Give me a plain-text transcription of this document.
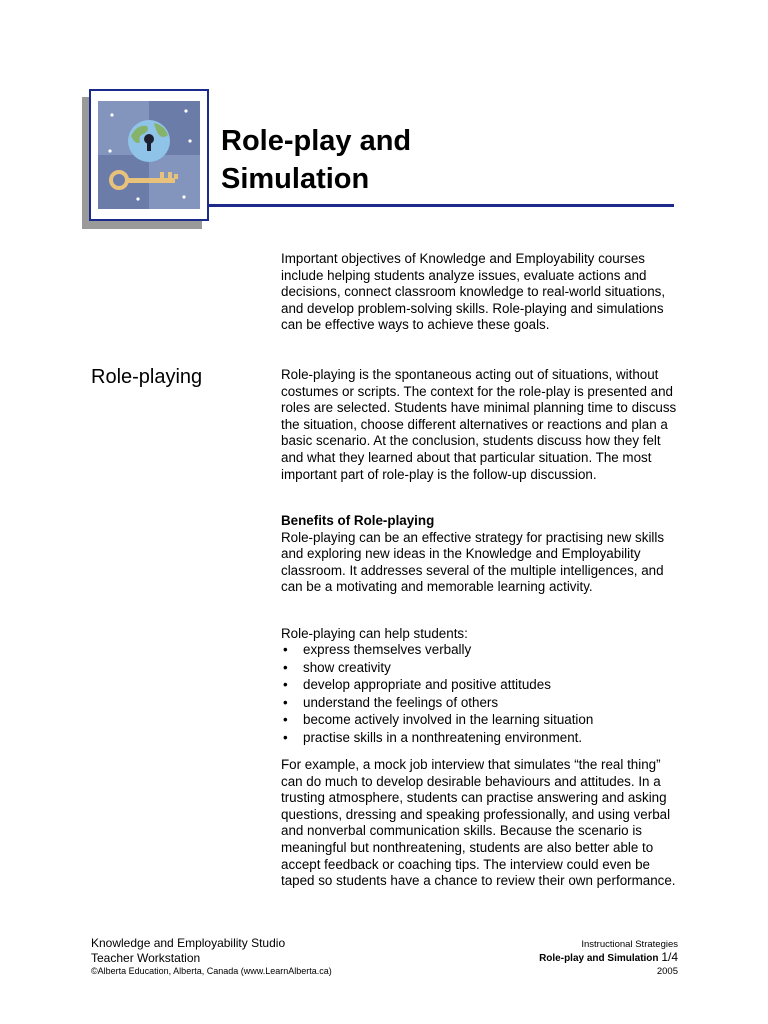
Role-play and
Simulation

Important objectives of Knowledge and Employability courses include helping students analyze issues, evaluate actions and decisions, connect classroom knowledge to real-world situations, and develop problem-solving skills. Role-playing and simulations can be effective ways to achieve these goals.

Role-playing	Role-playing is the spontaneous acting out of situations, without costumes or scripts. The context for the role-play is presented and roles are selected. Students have minimal planning time to discuss the situation, choose different alternatives or reactions and plan a basic scenario. At the conclusion, students discuss how they felt and what they learned about that particular situation. The most important part of role-play is the follow-up discussion.

Benefits of Role-playing
Role-playing can be an effective strategy for practising new skills and exploring new ideas in the Knowledge and Employability classroom. It addresses several of the multiple intelligences, and can be a motivating and memorable learning activity.

Role-playing can help students:

• express themselves verbally
• show creativity
• develop appropriate and positive attitudes
• understand the feelings of others
• become actively involved in the learning situation
• practise skills in a nonthreatening environment.

For example, a mock job interview that simulates “the real thing” can do much to develop desirable behaviours and attitudes. In a trusting atmosphere, students can practise answering and asking questions, dressing and speaking professionally, and using verbal and nonverbal communication skills. Because the scenario is meaningful but nonthreatening, students are also better able to accept feedback or coaching tips. The interview could even be taped so students have a chance to review their own performance.

Knowledge and Employability Studio
Teacher Workstation
©Alberta Education, Alberta, Canada (www.LearnAlberta.ca)
Instructional Strategies
Role-play and Simulation 1/4
2005
